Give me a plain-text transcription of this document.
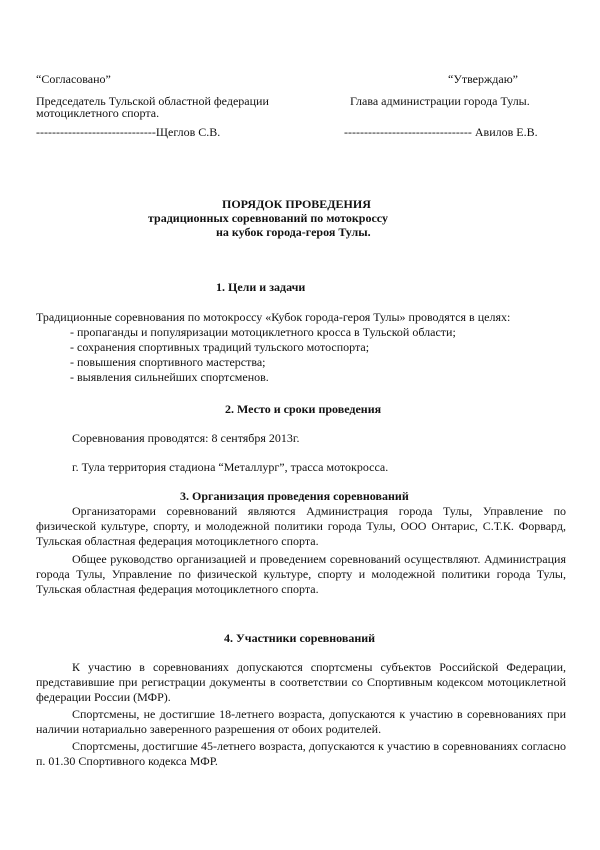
“Согласовано”	“Утверждаю”
Председатель Тульской областной федерации
мотоциклетного спорта.
Глава администрации города Тулы.
------------------------------Щеглов С.В.	-------------------------------- Авилов Е.В.
ПОРЯДОК ПРОВЕДЕНИЯ
традиционных соревнований по мотокроссу
на кубок города-героя Тулы.
1. Цели и задачи
Традиционные соревнования по мотокроссу «Кубок города-героя Тулы» проводятся в целях:
- пропаганды и популяризации мотоциклетного кросса в Тульской области;
- сохранения спортивных традиций тульского мотоспорта;
- повышения спортивного мастерства;
- выявления сильнейших спортсменов.
2. Место и сроки проведения
Соревнования проводятся: 8 сентября 2013г.
г. Тула территория стадиона “Металлург”, трасса мотокросса.
3. Организация проведения соревнований

Организаторами соревнований являются Администрация города Тулы, Управление по физической культуре, спорту, и молодежной политики города Тулы, ООО Онтарис, С.Т.К. Форвард, Тульская областная федерация мотоциклетного спорта.

Общее руководство организацией и проведением соревнований осуществляют. Администрация города Тулы, Управление по физической культуре, спорту и молодежной политики города Тулы, Тульская областная федерация мотоциклетного спорта.

4. Участники соревнований

К участию в соревнованиях допускаются спортсмены субъектов Российской Федерации, представившие при регистрации документы в соответствии со Спортивным кодексом мотоциклетной федерации России (МФР).

Спортсмены, не достигшие 18-летнего возраста, допускаются к участию в соревнованиях при наличии нотариально заверенного разрешения от обоих родителей.

Спортсмены, достигшие 45-летнего возраста, допускаются к участию в соревнованиях согласно п. 01.30 Спортивного кодекса МФР.
